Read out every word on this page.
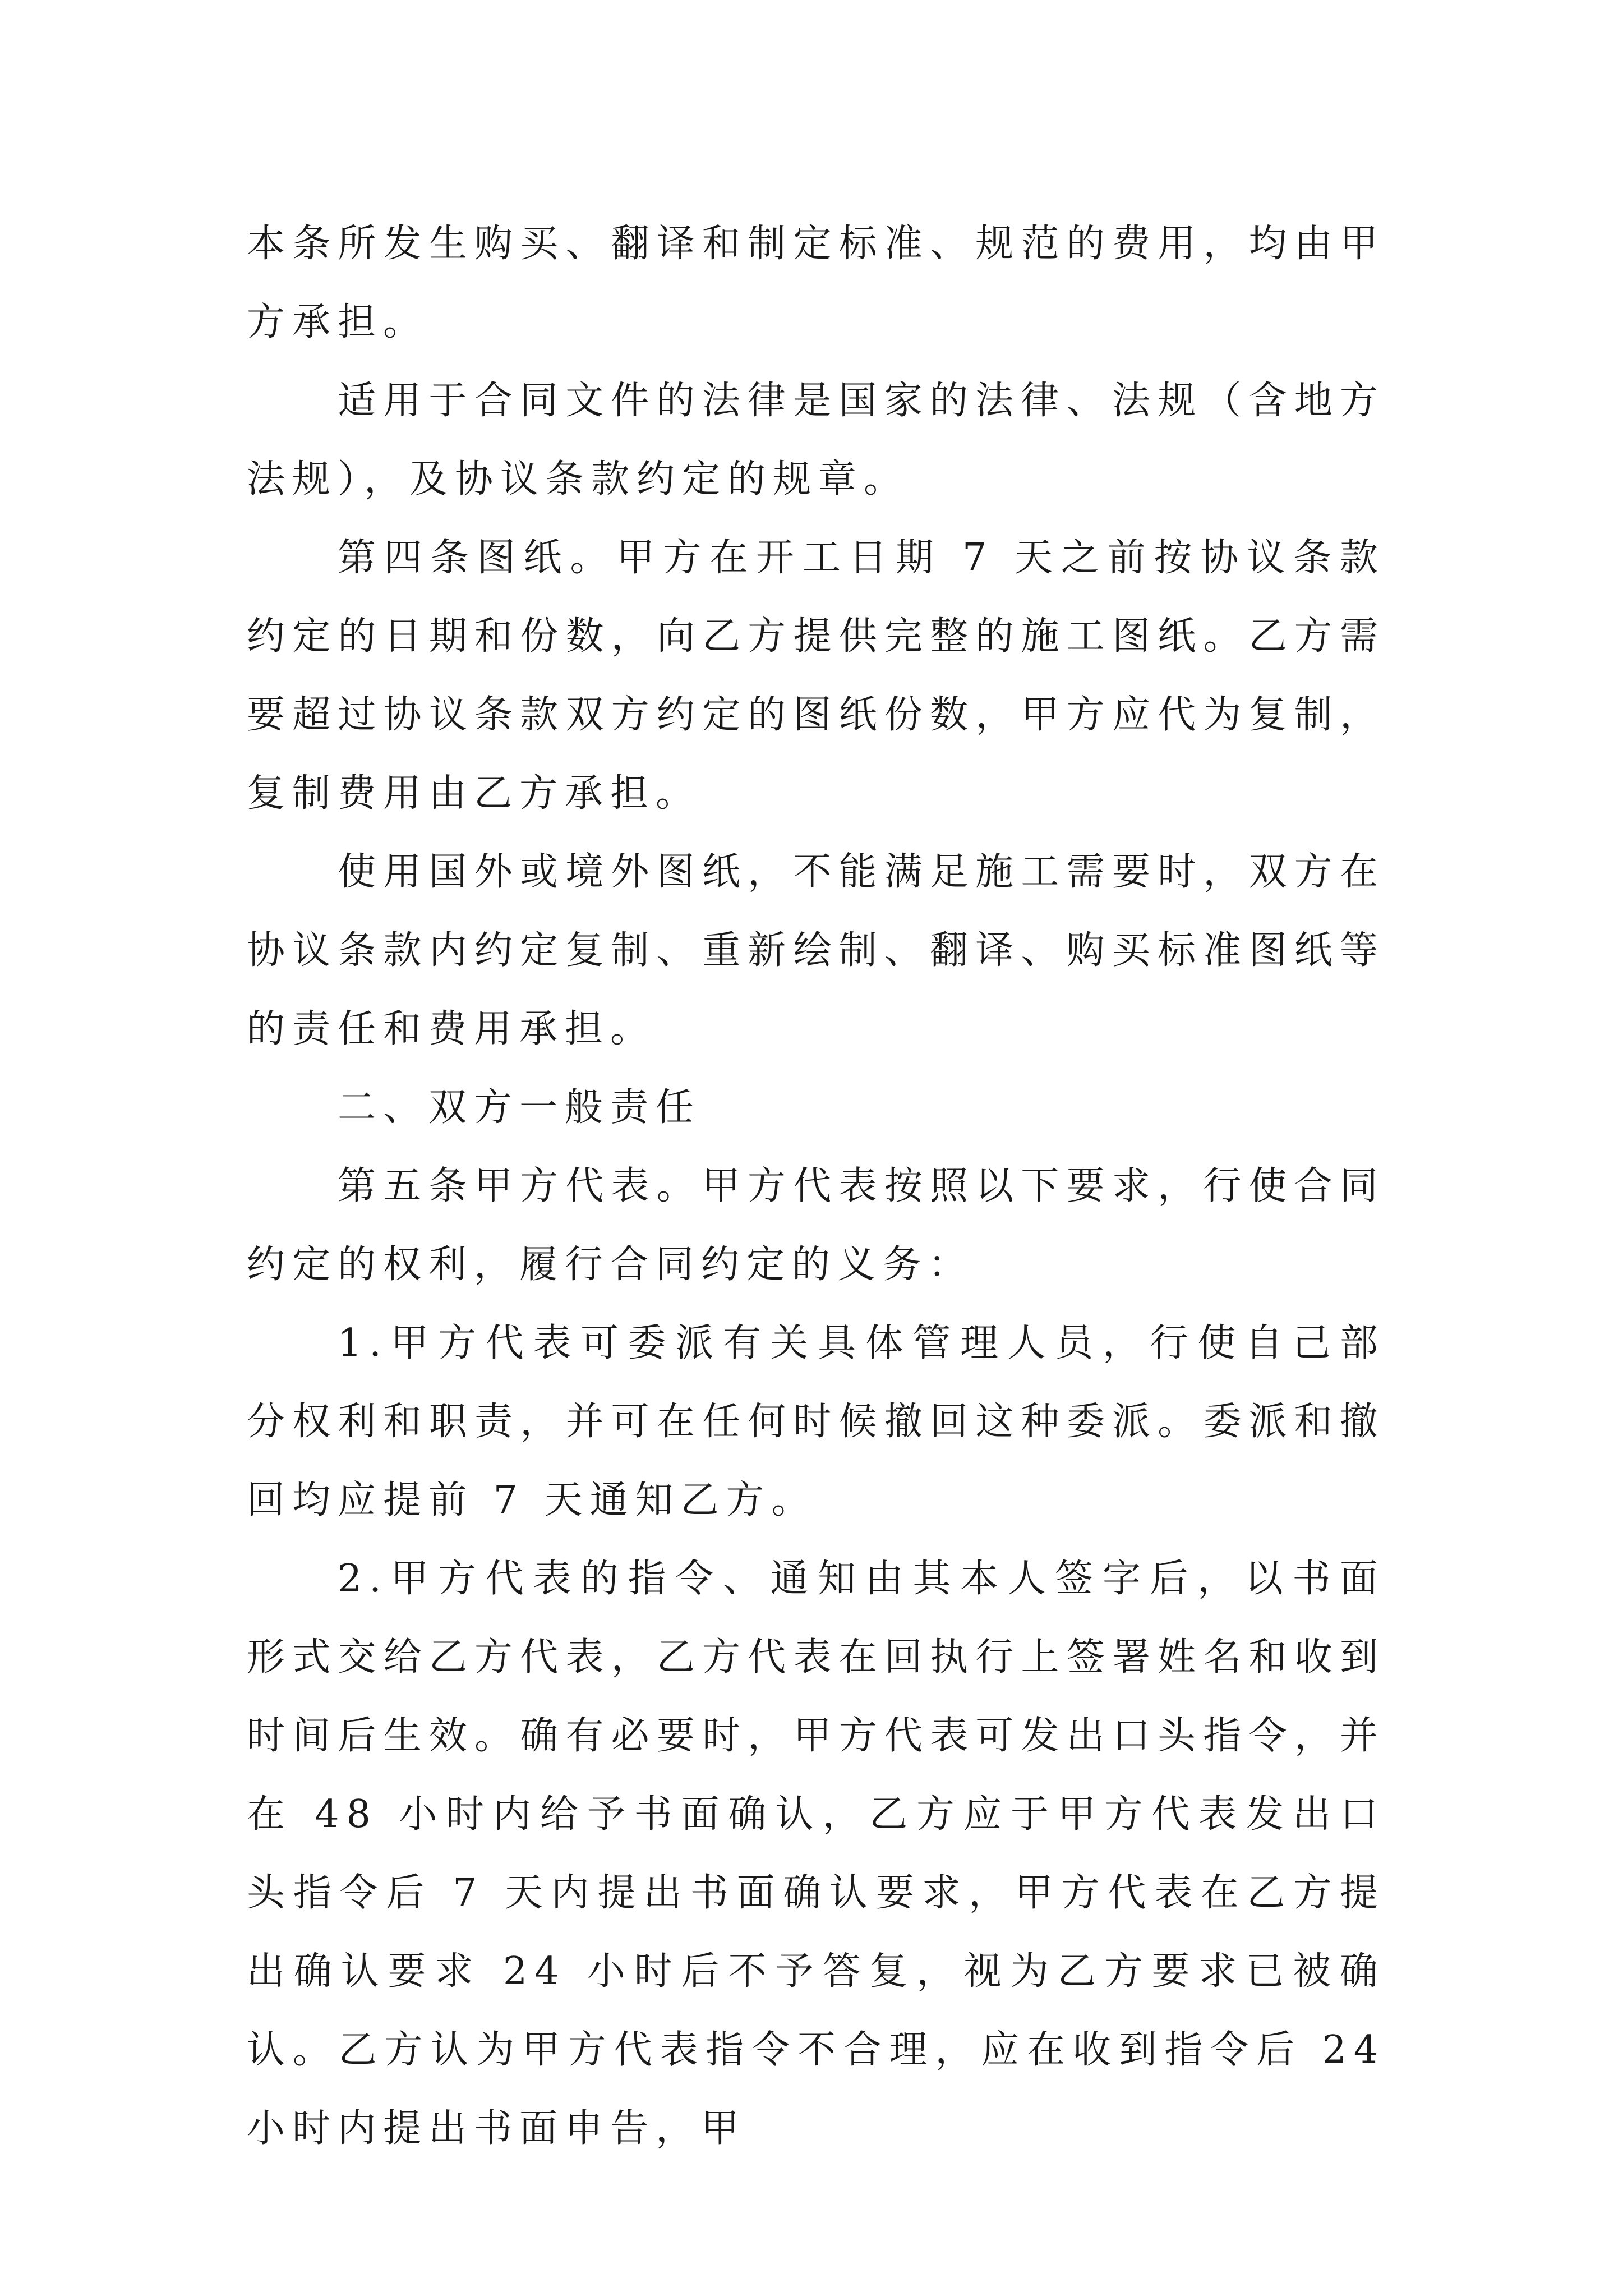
本条所发生购买、翻译和制定标准、规范的费用，均由甲方承担。

适用于合同文件的法律是国家的法律、法规（含地方法规），及协议条款约定的规章。

第四条图纸。甲方在开工日期 7 天之前按协议条款约定的日期和份数，向乙方提供完整的施工图纸。乙方需要超过协议条款双方约定的图纸份数，甲方应代为复制，复制费用由乙方承担。

使用国外或境外图纸，不能满足施工需要时，双方在协议条款内约定复制、重新绘制、翻译、购买标准图纸等的责任和费用承担。

二、双方一般责任

第五条甲方代表。甲方代表按照以下要求，行使合同约定的权利，履行合同约定的义务：

1.甲方代表可委派有关具体管理人员，行使自己部分权利和职责，并可在任何时候撤回这种委派。委派和撤回均应提前 7 天通知乙方。

2.甲方代表的指令、通知由其本人签字后，以书面形式交给乙方代表，乙方代表在回执行上签署姓名和收到时间后生效。确有必要时，甲方代表可发出口头指令，并在 48 小时内给予书面确认，乙方应于甲方代表发出口头指令后 7 天内提出书面确认要求，甲方代表在乙方提出确认要求 24 小时后不予答复，视为乙方要求已被确认。乙方认为甲方代表指令不合理，应在收到指令后 24 小时内提出书面申告，甲
